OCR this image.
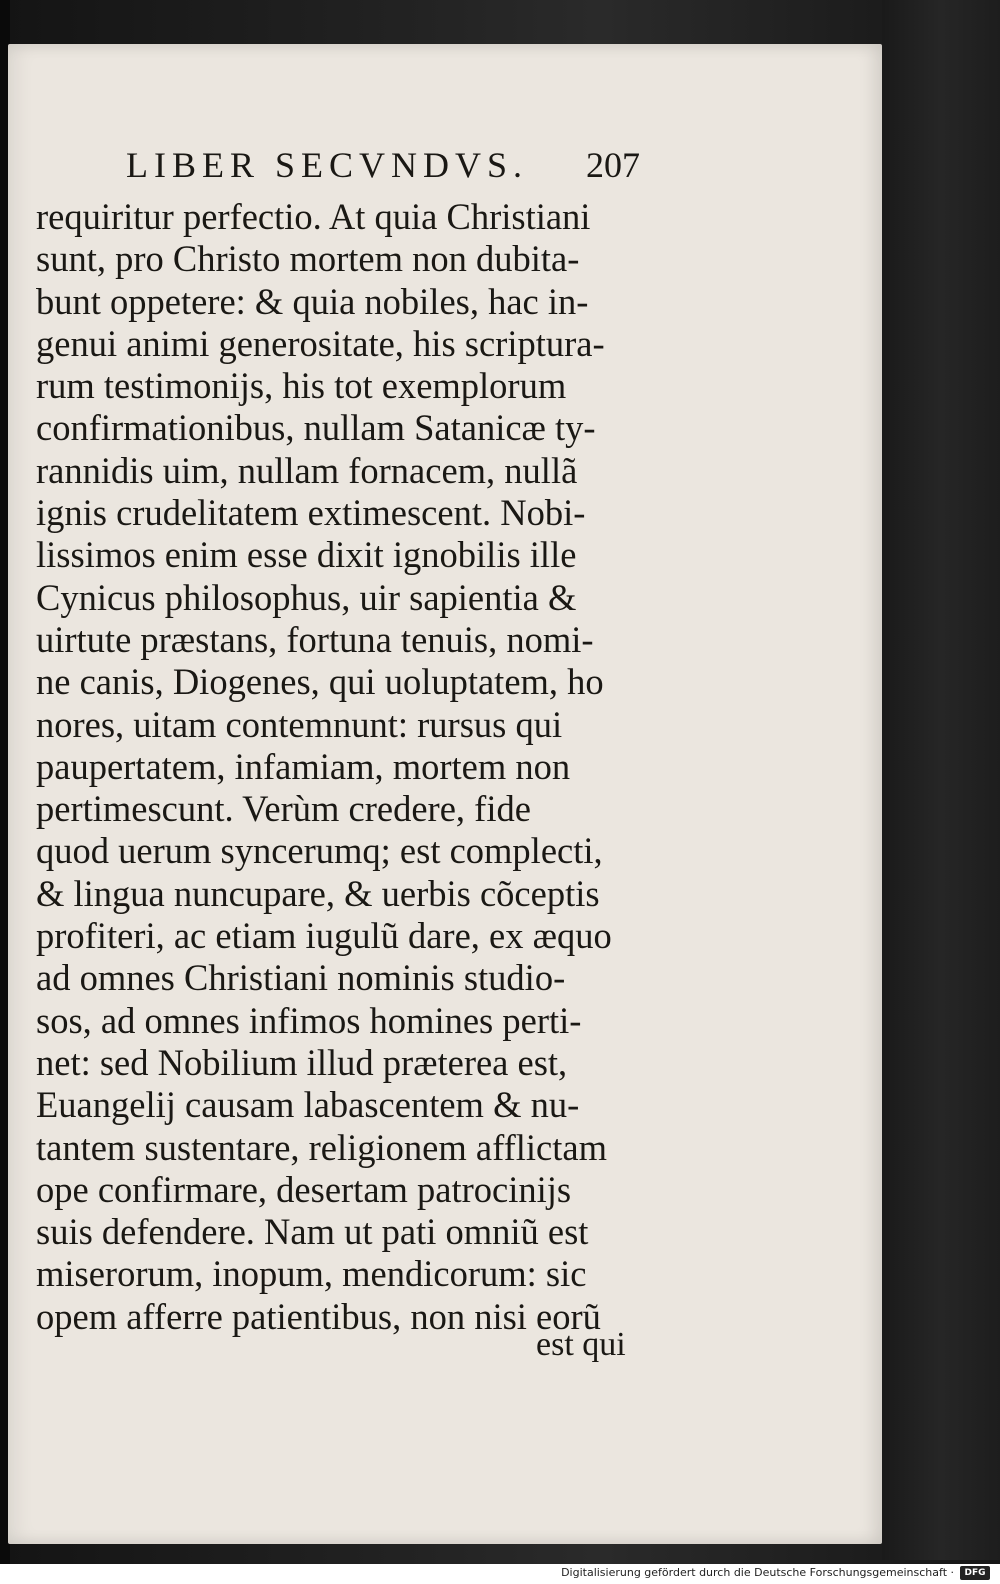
LIBER SECVNDVS. 207
requiritur perfectio. At quia Christiani
sunt, pro Christo mortem non dubita-
bunt oppetere: & quia nobiles, hac in-
genui animi generositate, his scriptura-
rum testimonijs, his tot exemplorum
confirmationibus, nullam Satanicæ ty-
rannidis uim, nullam fornacem, nullã
ignis crudelitatem extimescent. Nobi-
lissimos enim esse dixit ignobilis ille
Cynicus philosophus, uir sapientia &
uirtute præstans, fortuna tenuis, nomi-
ne canis, Diogenes, qui uoluptatem, ho
nores, uitam contemnunt: rursus qui
paupertatem, infamiam, mortem non
pertimescunt. Verùm credere, fide
quod uerum syncerumq; est complecti,
& lingua nuncupare, & uerbis cõceptis
profiteri, ac etiam iugulũ dare, ex æquo
ad omnes Christiani nominis studio-
sos, ad omnes infimos homines perti-
net: sed Nobilium illud præterea est,
Euangelij causam labascentem & nu-
tantem sustentare, religionem afflictam
ope confirmare, desertam patrocinijs
suis defendere. Nam ut pati omniũ est
miserorum, inopum, mendicorum: sic
opem afferre patientibus, non nisi eorũ
est qui
Digitalisierung gefördert durch die Deutsche Forschungsgemeinschaft ·	DFG
